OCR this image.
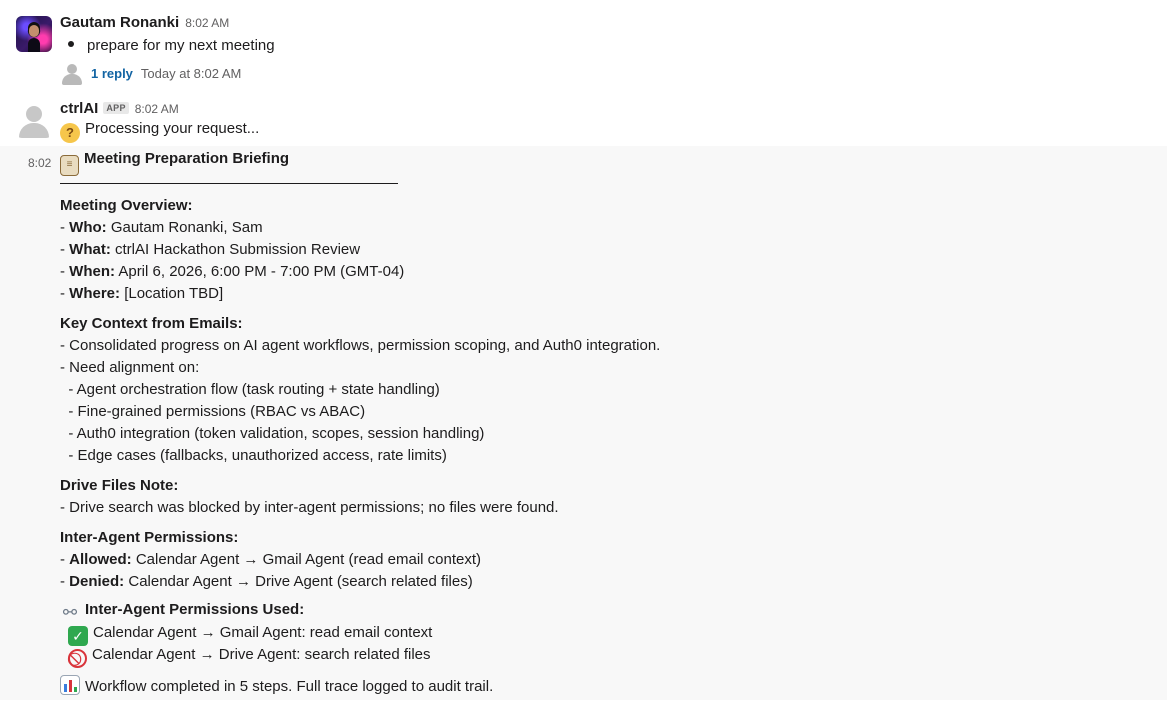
Gautam Ronanki 8:02 AM
prepare for my next meeting
1 reply Today at 8:02 AM
ctrlAI APP 8:02 AM
? Processing your request...
8:02	≡ Meeting Preparation Briefing
Meeting Overview:
- Who: Gautam Ronanki, Sam
- What: ctrlAI Hackathon Submission Review
- When: April 6, 2026, 6:00 PM - 7:00 PM (GMT-04)
- Where: [Location TBD]
Key Context from Emails:
- Consolidated progress on AI agent workflows, permission scoping, and Auth0 integration.
- Need alignment on:
- Agent orchestration flow (task routing + state handling)
- Fine-grained permissions (RBAC vs ABAC)
- Auth0 integration (token validation, scopes, session handling)
- Edge cases (fallbacks, unauthorized access, rate limits)
Drive Files Note:
- Drive search was blocked by inter-agent permissions; no files were found.
Inter-Agent Permissions:
- Allowed: Calendar Agent → Gmail Agent (read email context)
- Denied: Calendar Agent → Drive Agent (search related files)
⚯ Inter-Agent Permissions Used:
✓ Calendar Agent → Gmail Agent: read email context
Calendar Agent → Drive Agent: search related files
Workflow completed in 5 steps. Full trace logged to audit trail.
